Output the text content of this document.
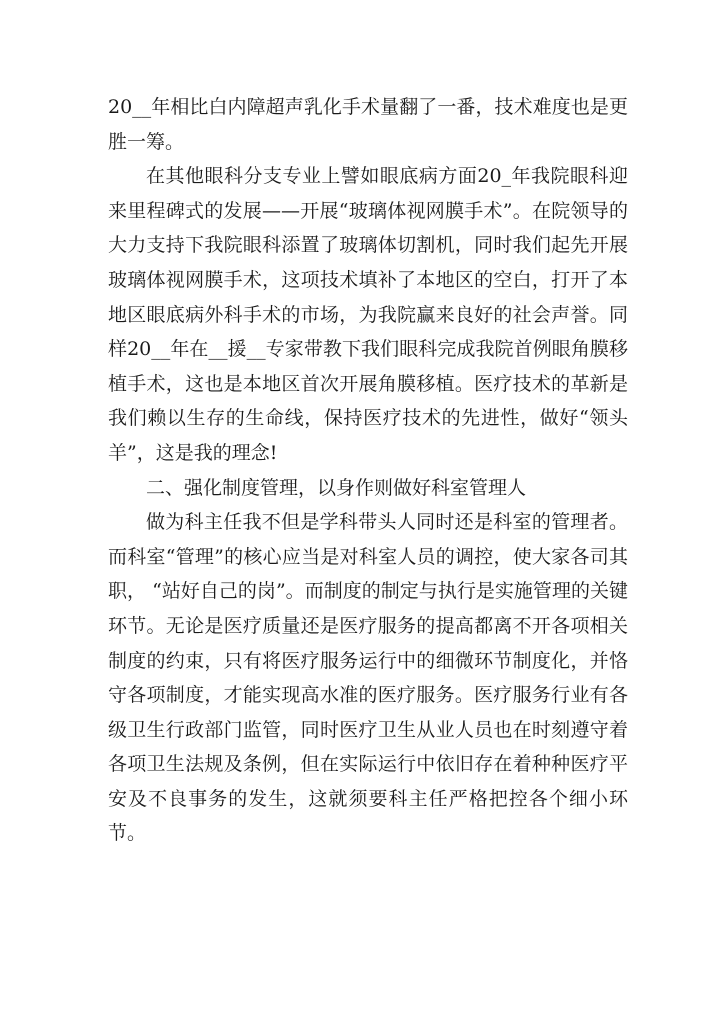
20__年相比白内障超声乳化手术量翻了一番，技术难度也是更胜一筹。

在其他眼科分支专业上譬如眼底病方面20_年我院眼科迎来里程碑式的发展——开展“玻璃体视网膜手术”。在院领导的大力支持下我院眼科添置了玻璃体切割机，同时我们起先开展玻璃体视网膜手术，这项技术填补了本地区的空白，打开了本地区眼底病外科手术的市场，为我院赢来良好的社会声誉。同样20__年在__援__专家带教下我们眼科完成我院首例眼角膜移植手术，这也是本地区首次开展角膜移植。医疗技术的革新是我们赖以生存的生命线，保持医疗技术的先进性，做好“领头羊”，这是我的理念!

二、强化制度管理，以身作则做好科室管理人

做为科主任我不但是学科带头人同时还是科室的管理者。而科室“管理”的核心应当是对科室人员的调控，使大家各司其职， “站好自己的岗”。而制度的制定与执行是实施管理的关键环节。无论是医疗质量还是医疗服务的提高都离不开各项相关制度的约束，只有将医疗服务运行中的细微环节制度化，并恪守各项制度，才能实现高水准的医疗服务。医疗服务行业有各级卫生行政部门监管，同时医疗卫生从业人员也在时刻遵守着各项卫生法规及条例，但在实际运行中依旧存在着种种医疗平安及不良事务的发生，这就须要科主任严格把控各个细小环节。
